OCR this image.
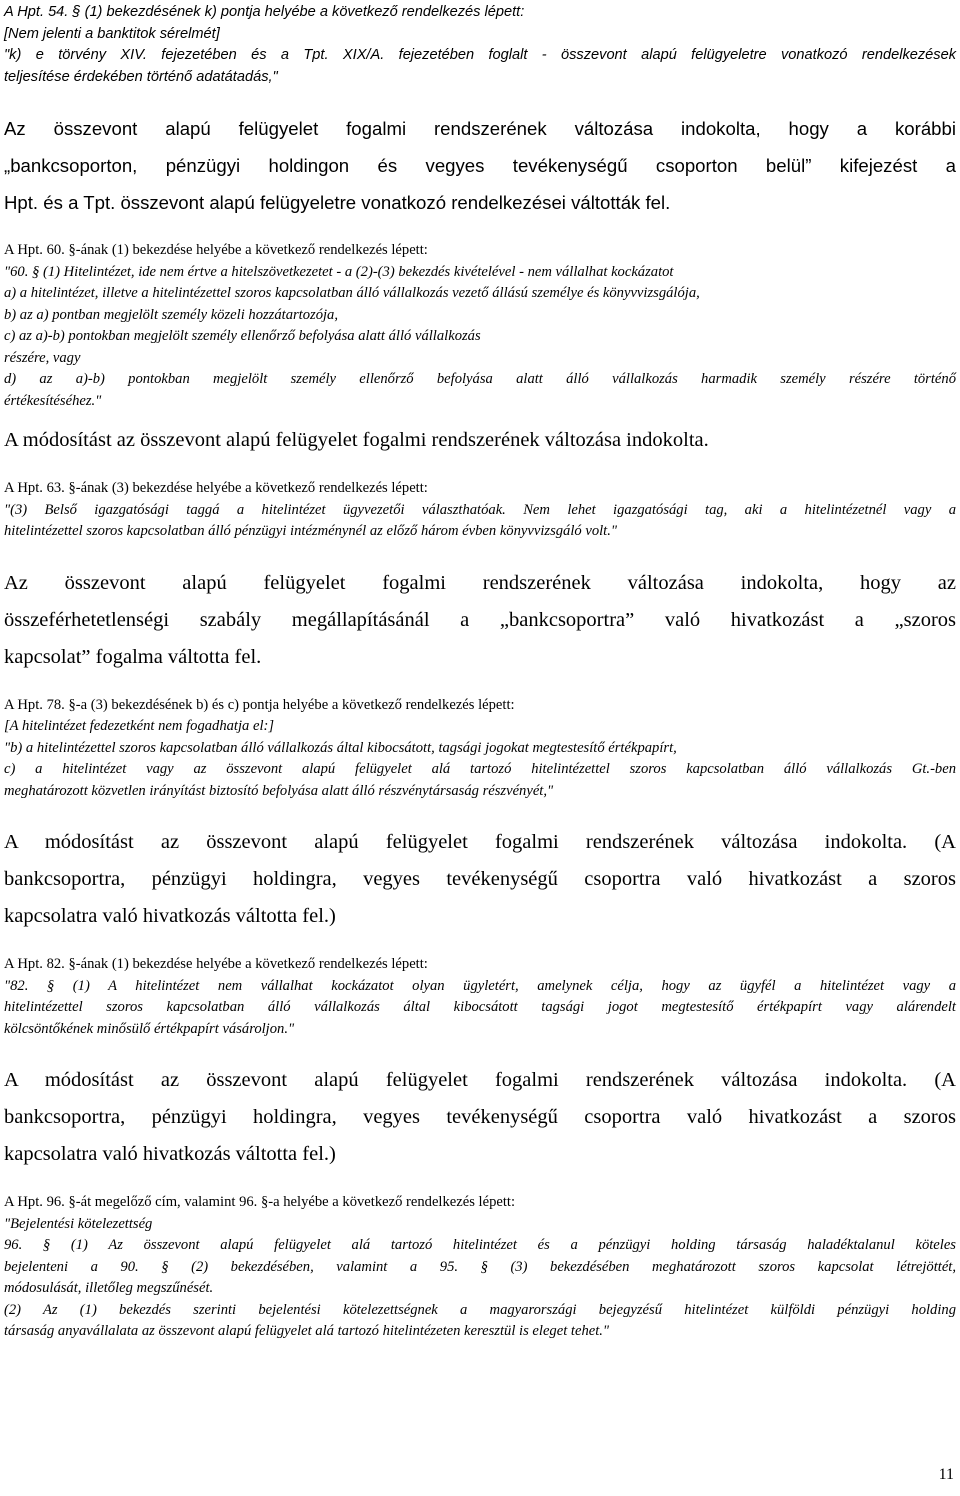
A Hpt. 54. § (1) bekezdésének k) pontja helyébe a következő rendelkezés lépett:
[Nem jelenti a banktitok sérelmét]
"k) e törvény XIV. fejezetében és a Tpt. XIX/A. fejezetében foglalt - összevont alapú felügyeletre vonatkozó rendelkezések
teljesítése érdekében történő adatátadás,"

Az összevont alapú felügyelet fogalmi rendszerének változása indokolta, hogy a korábbi
„bankcsoporton, pénzügyi holdingon és vegyes tevékenységű csoporton belül” kifejezést a
Hpt. és a Tpt. összevont alapú felügyeletre vonatkozó rendelkezései váltották fel.

A Hpt. 60. §-ának (1) bekezdése helyébe a következő rendelkezés lépett:
"60. § (1) Hitelintézet, ide nem értve a hitelszövetkezetet - a (2)-(3) bekezdés kivételével - nem vállalhat kockázatot
a) a hitelintézet, illetve a hitelintézettel szoros kapcsolatban álló vállalkozás vezető állású személye és könyvvizsgálója,
b) az a) pontban megjelölt személy közeli hozzátartozója,
c) az a)-b) pontokban megjelölt személy ellenőrző befolyása alatt álló vállalkozás
részére, vagy
d) az a)-b) pontokban megjelölt személy ellenőrző befolyása alatt álló vállalkozás harmadik személy részére történő
értékesítéséhez."

A módosítást az összevont alapú felügyelet fogalmi rendszerének változása indokolta.

A Hpt. 63. §-ának (3) bekezdése helyébe a következő rendelkezés lépett:
"(3) Belső igazgatósági taggá a hitelintézet ügyvezetői választhatóak. Nem lehet igazgatósági tag, aki a hitelintézetnél vagy a
hitelintézettel szoros kapcsolatban álló pénzügyi intézménynél az előző három évben könyvvizsgáló volt."

Az összevont alapú felügyelet fogalmi rendszerének változása indokolta, hogy az
összeférhetetlenségi szabály megállapításánál a „bankcsoportra” való hivatkozást a „szoros
kapcsolat” fogalma váltotta fel.

A Hpt. 78. §-a (3) bekezdésének b) és c) pontja helyébe a következő rendelkezés lépett:
[A hitelintézet fedezetként nem fogadhatja el:]
"b) a hitelintézettel szoros kapcsolatban álló vállalkozás által kibocsátott, tagsági jogokat megtestesítő értékpapírt,
c) a hitelintézet vagy az összevont alapú felügyelet alá tartozó hitelintézettel szoros kapcsolatban álló vállalkozás Gt.-ben
meghatározott közvetlen irányítást biztosító befolyása alatt álló részvénytársaság részvényét,"

A módosítást az összevont alapú felügyelet fogalmi rendszerének változása indokolta. (A
bankcsoportra, pénzügyi holdingra, vegyes tevékenységű csoportra való hivatkozást a szoros
kapcsolatra való hivatkozás váltotta fel.)

A Hpt. 82. §-ának (1) bekezdése helyébe a következő rendelkezés lépett:
"82. § (1) A hitelintézet nem vállalhat kockázatot olyan ügyletért, amelynek célja, hogy az ügyfél a hitelintézet vagy a
hitelintézettel szoros kapcsolatban álló vállalkozás által kibocsátott tagsági jogot megtestesítő értékpapírt vagy alárendelt
kölcsöntőkének minősülő értékpapírt vásároljon."

A módosítást az összevont alapú felügyelet fogalmi rendszerének változása indokolta. (A
bankcsoportra, pénzügyi holdingra, vegyes tevékenységű csoportra való hivatkozást a szoros
kapcsolatra való hivatkozás váltotta fel.)

A Hpt. 96. §-át megelőző cím, valamint 96. §-a helyébe a következő rendelkezés lépett:
"Bejelentési kötelezettség
96. § (1) Az összevont alapú felügyelet alá tartozó hitelintézet és a pénzügyi holding társaság haladéktalanul köteles
bejelenteni a 90. § (2) bekezdésében, valamint a 95. § (3) bekezdésében meghatározott szoros kapcsolat létrejöttét,
módosulását, illetőleg megszűnését.
(2) Az (1) bekezdés szerinti bejelentési kötelezettségnek a magyarországi bejegyzésű hitelintézet külföldi pénzügyi holding
társaság anyavállalata az összevont alapú felügyelet alá tartozó hitelintézeten keresztül is eleget tehet."

11
